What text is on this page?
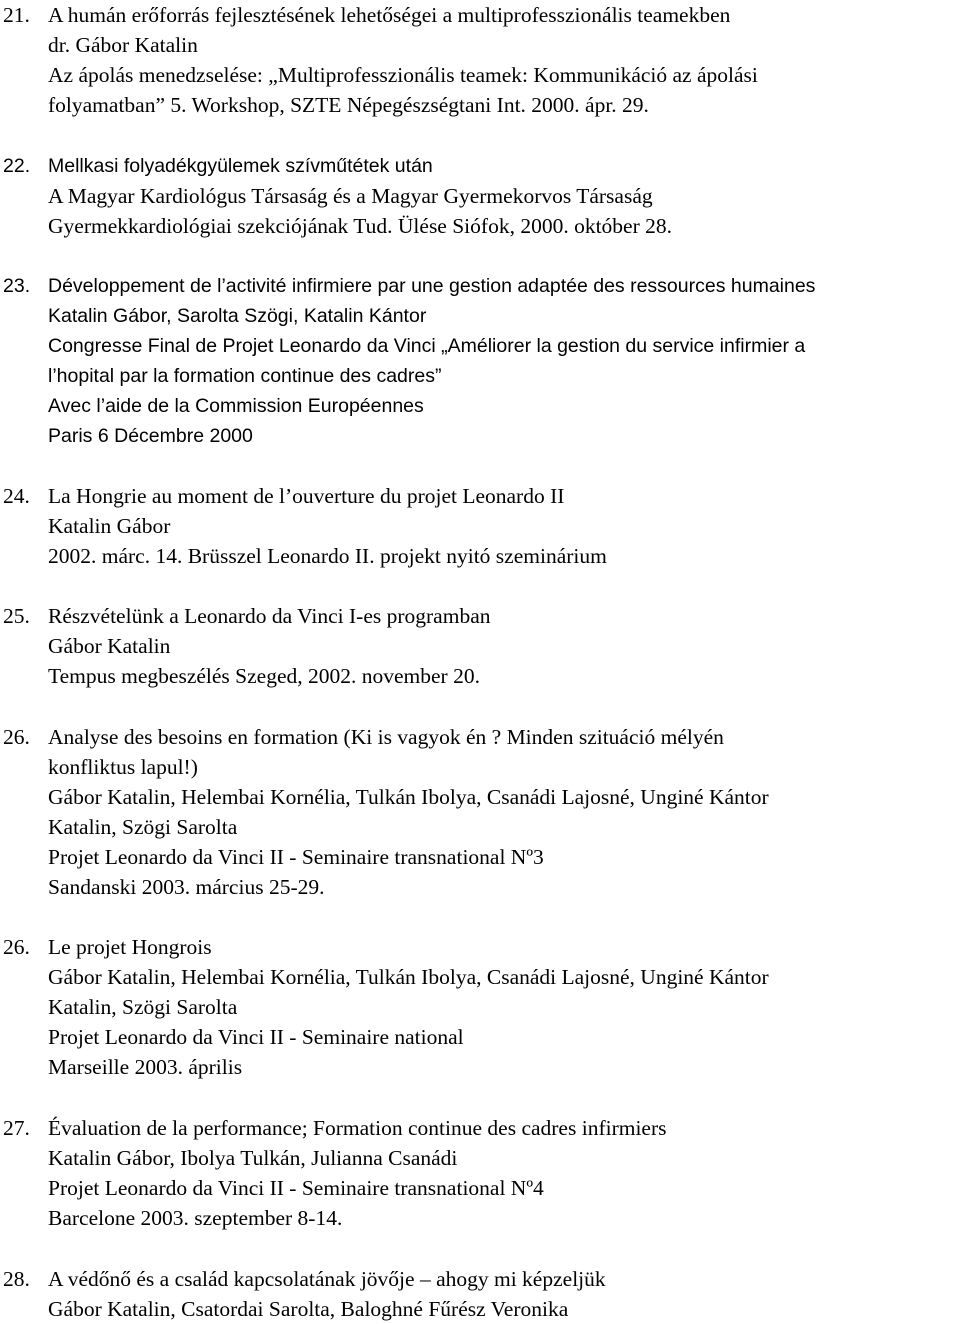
21. A humán erőforrás fejlesztésének lehetőségei a multiprofesszionális teamekben
dr. Gábor Katalin
Az ápolás menedzselése: „Multiprofesszionális teamek: Kommunikáció az ápolási
folyamatban” 5. Workshop, SZTE Népegészségtani Int. 2000. ápr. 29.
22. Mellkasi folyadékgyülemek szívműtétek után
A Magyar Kardiológus Társaság és a Magyar Gyermekorvos Társaság
Gyermekkardiológiai szekciójának Tud. Ülése Siófok, 2000. október 28.
23. Développement de l’activité infirmiere par une gestion adaptée des ressources humaines
Katalin Gábor, Sarolta Szögi, Katalin Kántor
Congresse Final de Projet Leonardo da Vinci „Améliorer la gestion du service infirmier a
l’hopital par la formation continue des cadres”
Avec l’aide de la Commission Européennes
Paris 6 Décembre 2000
24. La Hongrie au moment de l’ouverture du projet Leonardo II
Katalin Gábor
2002. márc. 14. Brüsszel Leonardo II. projekt nyitó szeminárium
25. Részvételünk a Leonardo da Vinci I-es programban
Gábor Katalin
Tempus megbeszélés Szeged, 2002. november 20.
26. Analyse des besoins en formation (Ki is vagyok én ? Minden szituáció mélyén
konfliktus lapul!)
Gábor Katalin, Helembai Kornélia, Tulkán Ibolya, Csanádi Lajosné, Unginé Kántor
Katalin, Szögi Sarolta
Projet Leonardo da Vinci II - Seminaire transnational Nº3
Sandanski 2003. március 25-29.
26. Le projet Hongrois
Gábor Katalin, Helembai Kornélia, Tulkán Ibolya, Csanádi Lajosné, Unginé Kántor
Katalin, Szögi Sarolta
Projet Leonardo da Vinci II - Seminaire national
Marseille 2003. április
27. Évaluation de la performance; Formation continue des cadres infirmiers
Katalin Gábor, Ibolya Tulkán, Julianna Csanádi
Projet Leonardo da Vinci II - Seminaire transnational Nº4
Barcelone 2003. szeptember 8-14.
28. A védőnő és a család kapcsolatának jövője – ahogy mi képzeljük
Gábor Katalin, Csatordai Sarolta, Baloghné Fűrész Veronika
